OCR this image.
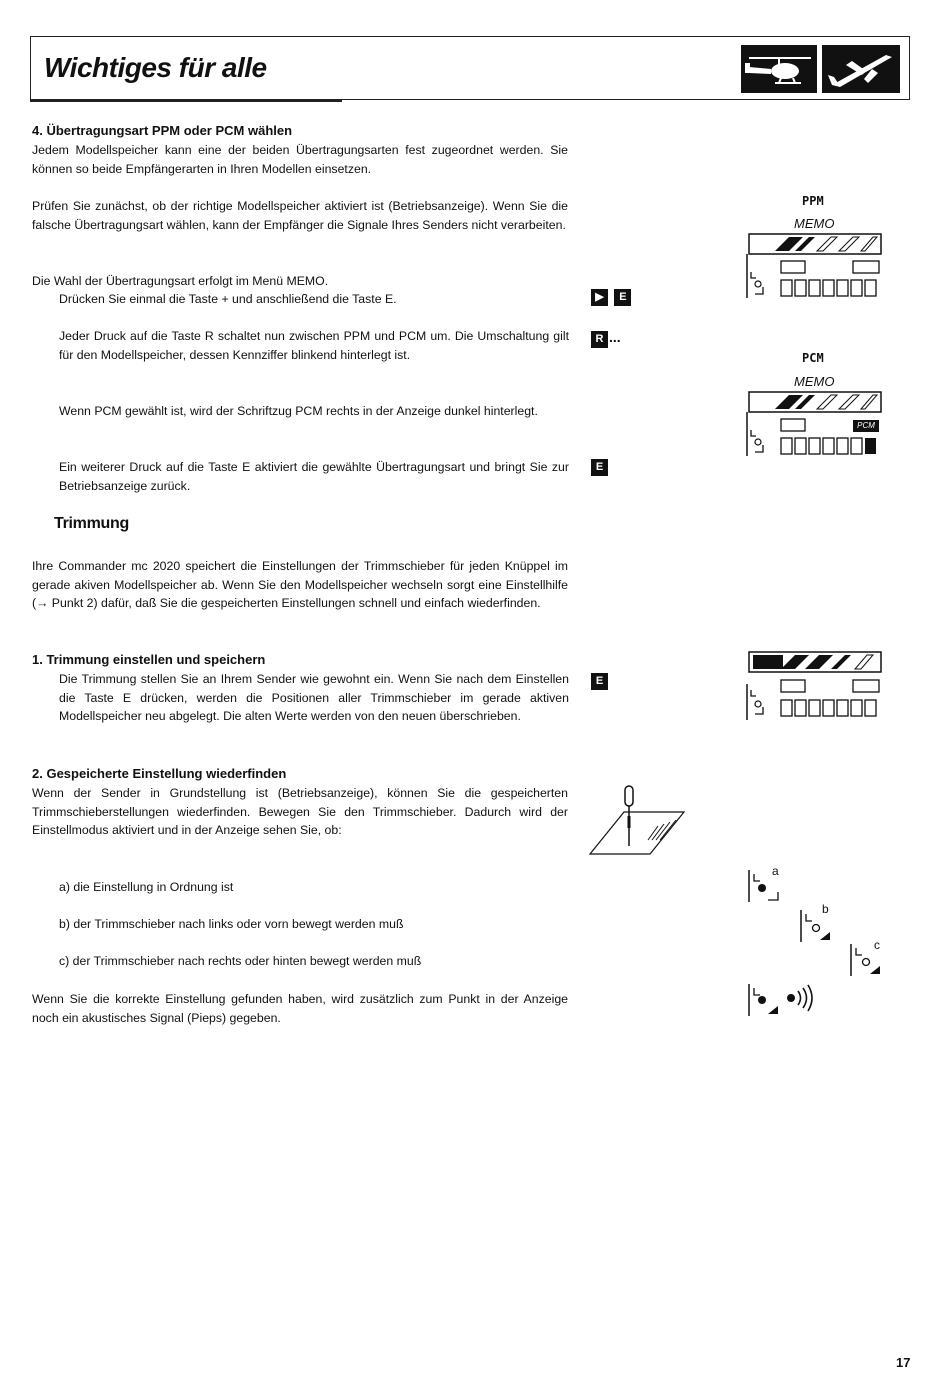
Wichtiges für alle
4. Übertragungsart PPM oder PCM wählen
Jedem Modellspeicher kann eine der beiden Übertragungsarten fest zugeordnet werden. Sie können so beide Empfängerarten in Ihren Modellen einsetzen.
Prüfen Sie zunächst, ob der richtige Modellspeicher aktiviert ist (Betriebsanzeige). Wenn Sie die falsche Übertragungsart wählen, kann der Empfänger die Signale Ihres Senders nicht verarbeiten.
Die Wahl der Übertragungsart erfolgt im Menü MEMO.
Drücken Sie einmal die Taste + und anschließend die Taste E.
Jeder Druck auf die Taste R schaltet nun zwischen PPM und PCM um. Die Umschaltung gilt für den Modellspeicher, dessen Kennziffer blinkend hinterlegt ist.
Wenn PCM gewählt ist, wird der Schriftzug PCM rechts in der Anzeige dunkel hinterlegt.
Ein weiterer Druck auf die Taste E aktiviert die gewählte Übertragungsart und bringt Sie zur Betriebsanzeige zurück.
▶ E
R ...
E
E
PPM
MEMO
PCM
MEMO
PCM
Trimmung
Ihre Commander mc 2020 speichert die Einstellungen der Trimmschieber für jeden Knüppel im gerade akiven Modellspeicher ab. Wenn Sie den Modellspeicher wechseln sorgt eine Einstellhilfe (→ Punkt 2) dafür, daß Sie die gespeicherten Einstellungen schnell und einfach wiederfinden.
1. Trimmung einstellen und speichern
Die Trimmung stellen Sie an Ihrem Sender wie gewohnt ein. Wenn Sie nach dem Einstellen die Taste E drücken, werden die Positionen aller Trimmschieber im gerade aktiven Modellspeicher neu abgelegt. Die alten Werte werden von den neuen überschrieben.
2. Gespeicherte Einstellung wiederfinden
Wenn der Sender in Grundstellung ist (Betriebsanzeige), können Sie die gespeicherten Trimmschieberstellungen wiederfinden. Bewegen Sie den Trimmschieber. Dadurch wird der Einstellmodus aktiviert und in der Anzeige sehen Sie, ob:
a) die Einstellung in Ordnung ist
b) der Trimmschieber nach links oder vorn bewegt werden muß
c) der Trimmschieber nach rechts oder hinten bewegt werden muß
Wenn Sie die korrekte Einstellung gefunden haben, wird zusätzlich zum Punkt in der Anzeige noch ein akustisches Signal (Pieps) gegeben.
a
b
c
17
